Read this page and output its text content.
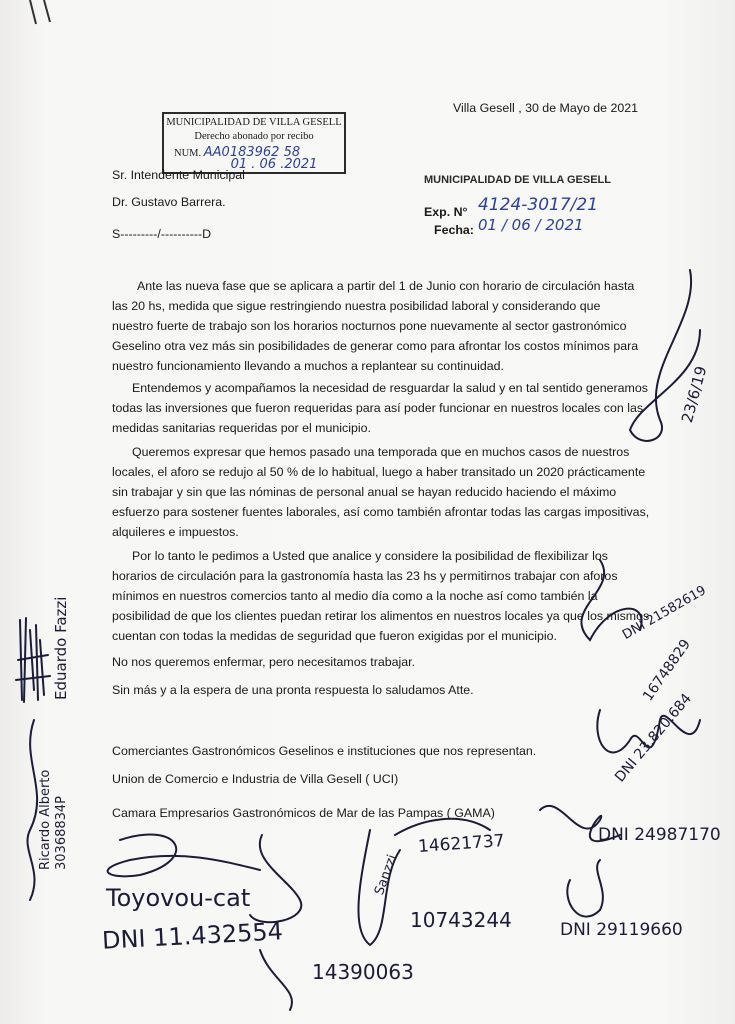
MUNICIPALIDAD DE VILLA GESELL
Derecho abonado por recibo
NUM. AA0183962 58
01 . 06 .2021
Villa Gesell , 30 de Mayo de 2021
Sr. Intendente Municipal
Dr. Gustavo Barrera.
S---------/----------D
MUNICIPALIDAD DE VILLA GESELL
Exp. N° 4124-3017/21
Fecha: 01 / 06 / 2021
Ante las nueva fase que se aplicara a partir del 1 de Junio con horario de circulación hasta
las 20 hs, medida que sigue restringiendo nuestra posibilidad laboral y considerando que
nuestro fuerte de trabajo son los horarios nocturnos pone nuevamente al sector gastronómico
Geselino otra vez más sin posibilidades de generar como para afrontar los costos mínimos para
nuestro funcionamiento llevando a muchos a replantear su continuidad.
Entendemos y acompañamos la necesidad de resguardar la salud y en tal sentido generamos
todas las inversiones que fueron requeridas para así poder funcionar en nuestros locales con las
medidas sanitarias requeridas por el municipio.
Queremos expresar que hemos pasado una temporada que en muchos casos de nuestros
locales, el aforo se redujo al 50 % de lo habitual, luego a haber transitado un 2020 prácticamente
sin trabajar y sin que las nóminas de personal anual se hayan reducido haciendo el máximo
esfuerzo para sostener fuentes laborales, así como también afrontar todas las cargas impositivas,
alquileres e impuestos.
Por lo tanto le pedimos a Usted que analice y considere la posibilidad de flexibilizar los
horarios de circulación para la gastronomía hasta las 23 hs y permitirnos trabajar con aforos
mínimos en nuestros comercios tanto al medio día como a la noche así como también la
posibilidad de que los clientes puedan retirar los alimentos en nuestros locales ya que los mismos
cuentan con todas la medidas de seguridad que fueron exigidas por el municipio.
No nos queremos enfermar, pero necesitamos trabajar.
Sin más y a la espera de una pronta respuesta lo saludamos Atte.
Comerciantes Gastronómicos Geselinos e instituciones que nos representan.
Union de Comercio e Industria de Villa Gesell ( UCI)
Camara Empresarios Gastronómicos de Mar de las Pampas ( GAMA)
Eduardo Fazzi
Ricardo Alberto 30368834P
23/6/19
DNI 21582619
16748829
DNI 23.820.684
Toyovou-cat
DNI 11.432554
14390063
14621737
Sanzzi
10743244
DNI 24987170
DNI 29119660
